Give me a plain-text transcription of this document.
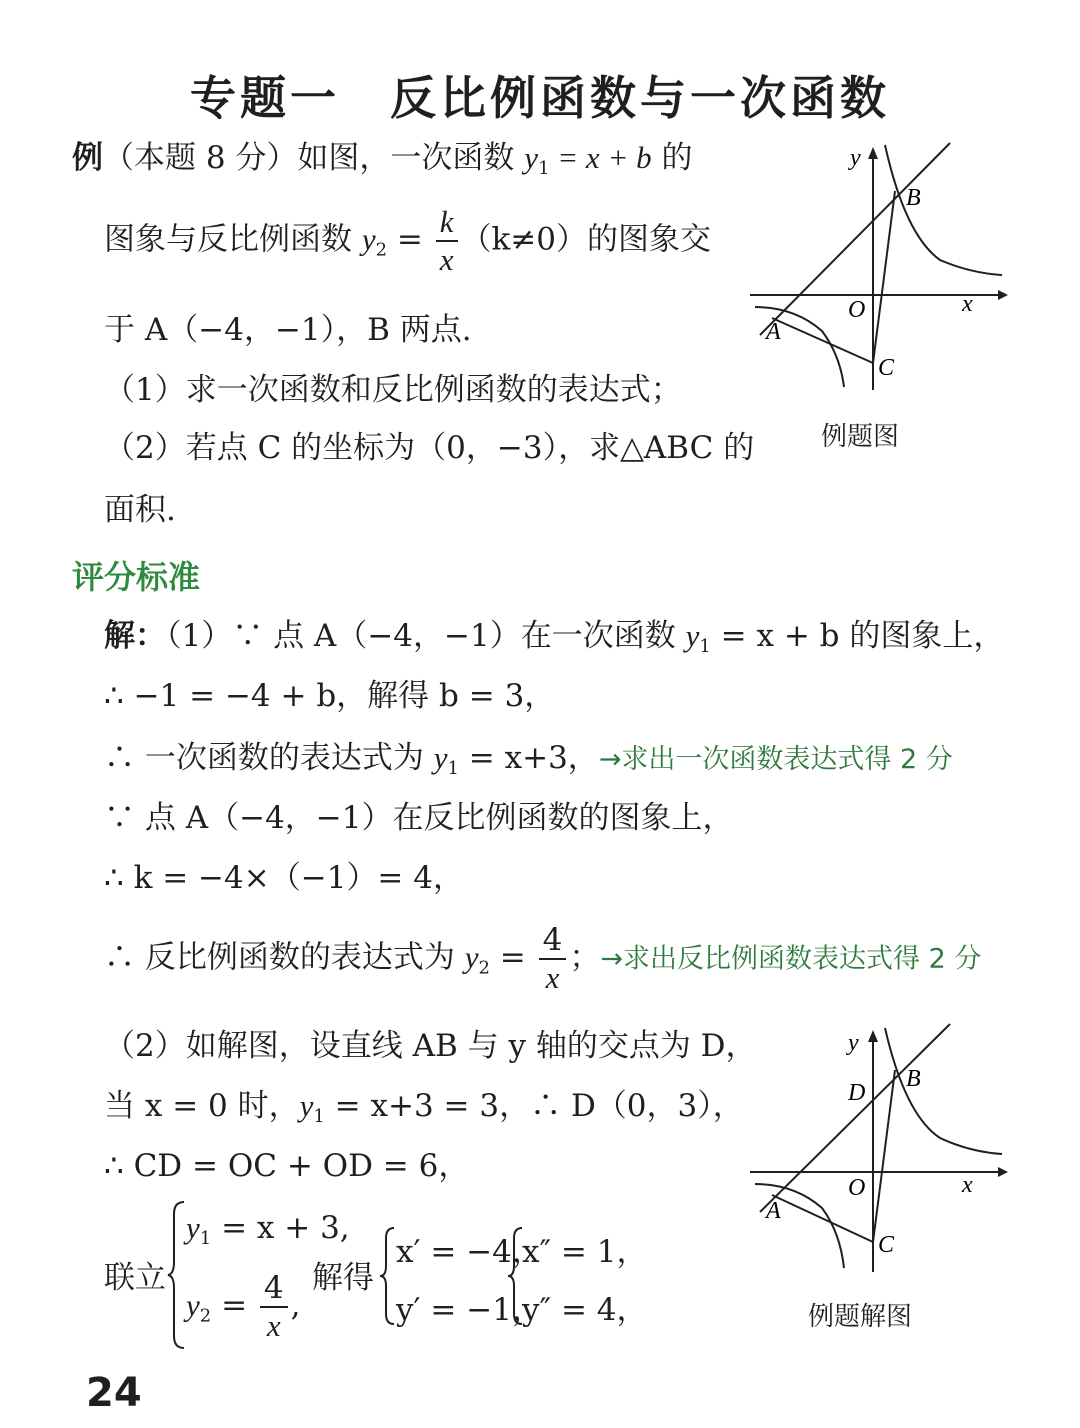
专题一　反比例函数与一次函数
例（本题 8 分）如图，一次函数 $y_1 = x + b$ 的
图象与反比例函数 $y_2 = \frac{k}{x} (k\ne 0)$的图象交
于 A（−4，−1），B 两点.
（1）求一次函数和反比例函数的表达式；
（2）若点 C 的坐标为（0，−3），求△ABC 的
面积.
y
x
O
A
B
C
例题图
评分标准
解：（1）∵ 点 A（−4，−1）在一次函数 $y_1 = x + b$ 的图象上，
∴ −1 = −4 + b，解得 b = 3，
∴ 一次函数的表达式为 $y_1 = x+3$，→求出一次函数表达式得 2 分
∵ 点 A（−4，−1）在反比例函数的图象上，
∴ k = −4×（−1）= 4，
∴ 反比例函数的表达式为 $y_2 = \frac{4}{x}$ ；→求出反比例函数表达式得 2 分
（2）如解图，设直线 AB 与 y 轴的交点为 D，
当 x = 0 时，$y_1 = x+3 = 3$，∴ D（0，3），
∴ CD = OC + OD = 6，
联立
$y_1 = x + 3$,
$y_2 = \frac{4}{x}$ ,
解得
x′ = −4，
y′ = −1，
x″ = 1，
y″ = 4，
y
x
O
A
B
C
D
例题解图
24
